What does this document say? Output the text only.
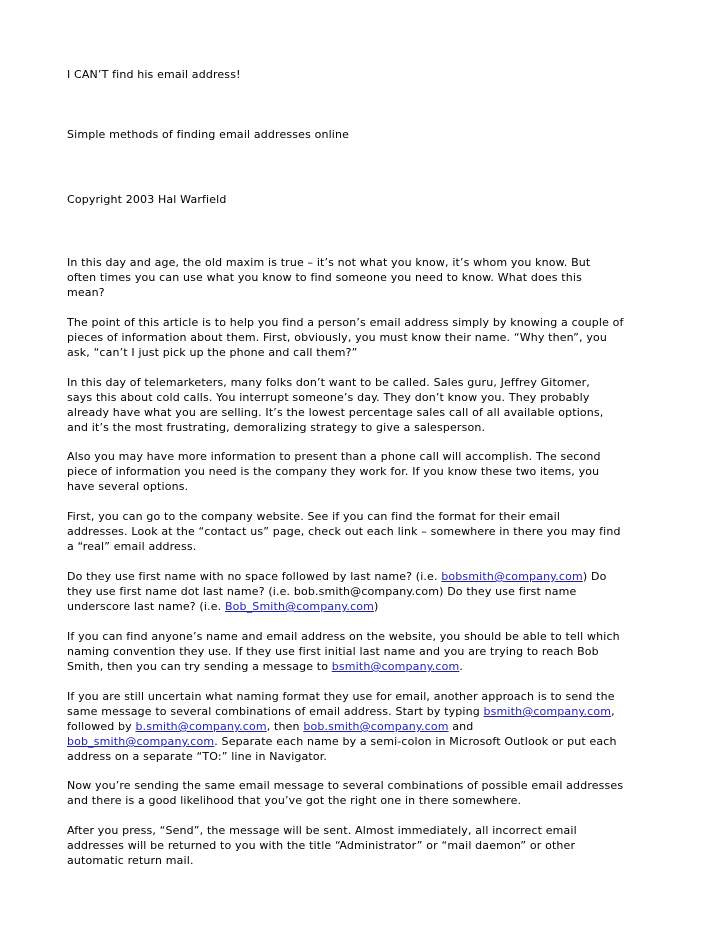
I CAN’T find his email address!
Simple methods of finding email addresses online
Copyright 2003 Hal Warfield
In this day and age, the old maxim is true – it’s not what you know, it’s whom you know. But
often times you can use what you know to find someone you need to know. What does this
mean?
The point of this article is to help you find a person’s email address simply by knowing a couple of
pieces of information about them. First, obviously, you must know their name. “Why then”, you
ask, “can’t I just pick up the phone and call them?”
In this day of telemarketers, many folks don’t want to be called. Sales guru, Jeffrey Gitomer,
says this about cold calls. You interrupt someone’s day. They don’t know you. They probably
already have what you are selling. It’s the lowest percentage sales call of all available options,
and it’s the most frustrating, demoralizing strategy to give a salesperson.
Also you may have more information to present than a phone call will accomplish. The second
piece of information you need is the company they work for. If you know these two items, you
have several options.
First, you can go to the company website. See if you can find the format for their email
addresses. Look at the “contact us” page, check out each link – somewhere in there you may find
a “real” email address.
Do they use first name with no space followed by last name? (i.e. bobsmith@company.com) Do
they use first name dot last name? (i.e. bob.smith@company.com) Do they use first name
underscore last name? (i.e. Bob_Smith@company.com)
If you can find anyone’s name and email address on the website, you should be able to tell which
naming convention they use. If they use first initial last name and you are trying to reach Bob
Smith, then you can try sending a message to bsmith@company.com.
If you are still uncertain what naming format they use for email, another approach is to send the
same message to several combinations of email address. Start by typing bsmith@company.com,
followed by b.smith@company.com, then bob.smith@company.com and
bob_smith@company.com. Separate each name by a semi-colon in Microsoft Outlook or put each
address on a separate “TO:” line in Navigator.
Now you’re sending the same email message to several combinations of possible email addresses
and there is a good likelihood that you’ve got the right one in there somewhere.
After you press, “Send”, the message will be sent. Almost immediately, all incorrect email
addresses will be returned to you with the title “Administrator” or “mail daemon” or other
automatic return mail.
